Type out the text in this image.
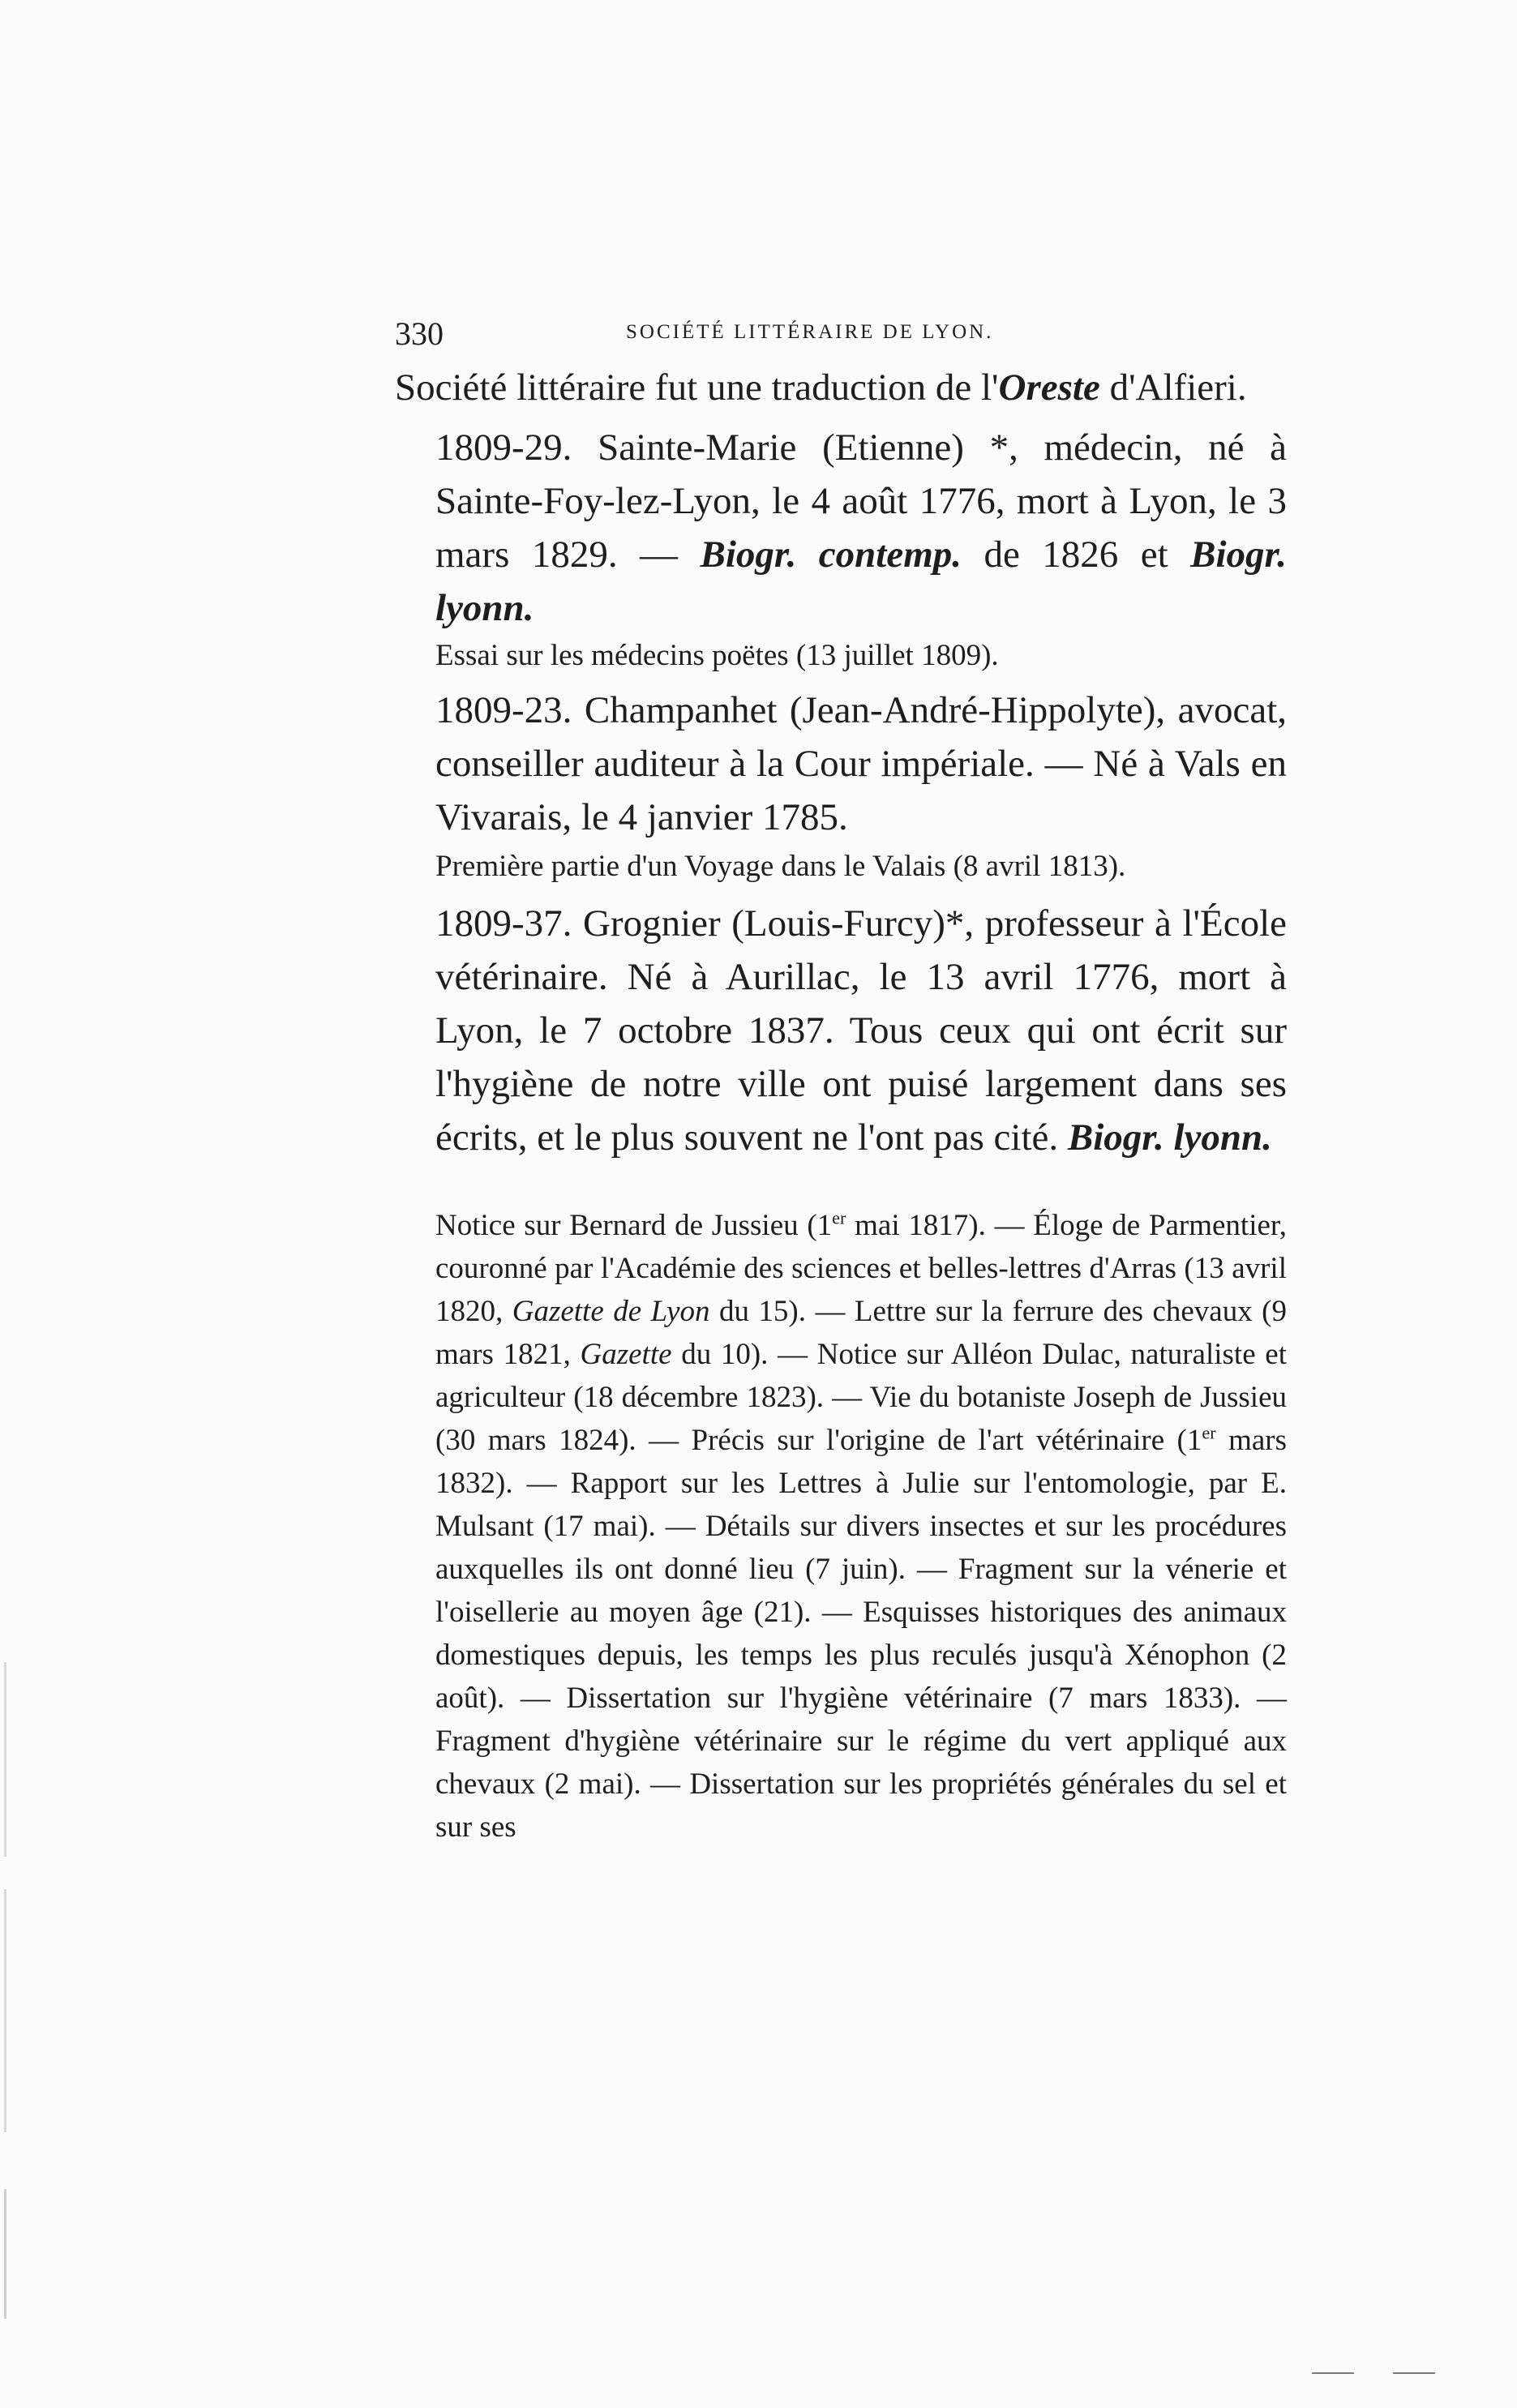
330	SOCIÉTÉ LITTÉRAIRE DE LYON.

Société littéraire fut une traduction de l'Oreste d'Alfieri.

1809-29. Sainte-Marie (Etienne) *, médecin, né à Sainte-Foy-lez-Lyon, le 4 août 1776, mort à Lyon, le 3 mars 1829. — Biogr. contemp. de 1826 et Biogr. lyonn.

Essai sur les médecins poëtes (13 juillet 1809).

1809-23. Champanhet (Jean-André-Hippolyte), avocat, conseiller auditeur à la Cour impériale. — Né à Vals en Vivarais, le 4 janvier 1785.

Première partie d'un Voyage dans le Valais (8 avril 1813).

1809-37. Grognier (Louis-Furcy)*, professeur à l'École vétérinaire. Né à Aurillac, le 13 avril 1776, mort à Lyon, le 7 octobre 1837. Tous ceux qui ont écrit sur l'hygiène de notre ville ont puisé largement dans ses écrits, et le plus souvent ne l'ont pas cité. Biogr. lyonn.

Notice sur Bernard de Jussieu (1er mai 1817). — Éloge de Parmentier, couronné par l'Académie des sciences et belles-lettres d'Arras (13 avril 1820, Gazette de Lyon du 15). — Lettre sur la ferrure des chevaux (9 mars 1821, Gazette du 10). — Notice sur Alléon Dulac, naturaliste et agriculteur (18 décembre 1823). — Vie du botaniste Joseph de Jussieu (30 mars 1824). — Précis sur l'origine de l'art vétérinaire (1er mars 1832). — Rapport sur les Lettres à Julie sur l'entomologie, par E. Mulsant (17 mai). — Détails sur divers insectes et sur les procédures auxquelles ils ont donné lieu (7 juin). — Fragment sur la vénerie et l'oisellerie au moyen âge (21). — Esquisses historiques des animaux domestiques depuis, les temps les plus reculés jusqu'à Xénophon (2 août). — Dissertation sur l'hygiène vétérinaire (7 mars 1833). — Fragment d'hygiène vétérinaire sur le régime du vert appliqué aux chevaux (2 mai). — Dissertation sur les propriétés générales du sel et sur ses
